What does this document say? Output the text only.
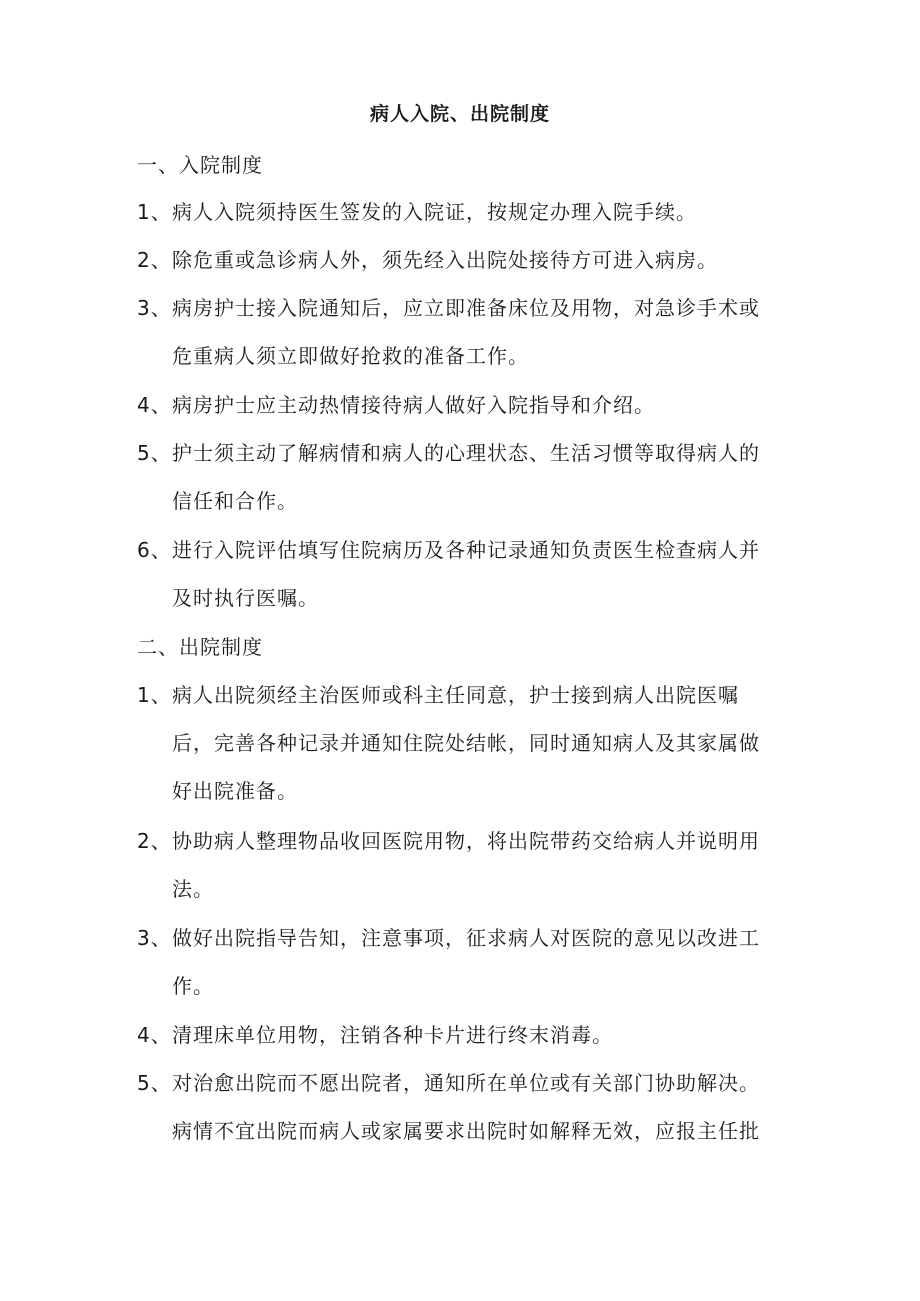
病人入院、出院制度
一、入院制度
1、 病人入院须持医生签发的入院证，按规定办理入院手续。
2、 除危重或急诊病人外，须先经入出院处接待方可进入病房。
3、 病房护士接入院通知后，应立即准备床位及用物，对急诊手术或
危重病人须立即做好抢救的准备工作。
4、 病房护士应主动热情接待病人做好入院指导和介绍。
5、 护士须主动了解病情和病人的心理状态、生活习惯等取得病人的
信任和合作。
6、 进行入院评估填写住院病历及各种记录通知负责医生检查病人并
及时执行医嘱。
二、出院制度
1、 病人出院须经主治医师或科主任同意，护士接到病人出院医嘱
后，完善各种记录并通知住院处结帐，同时通知病人及其家属做
好出院准备。
2、 协助病人整理物品收回医院用物，将出院带药交给病人并说明用
法。
3、 做好出院指导告知，注意事项，征求病人对医院的意见以改进工
作。
4、 清理床单位用物，注销各种卡片进行终末消毒。
5、 对治愈出院而不愿出院者，通知所在单位或有关部门协助解决。
病情不宜出院而病人或家属要求出院时如解释无效，应报主任批
